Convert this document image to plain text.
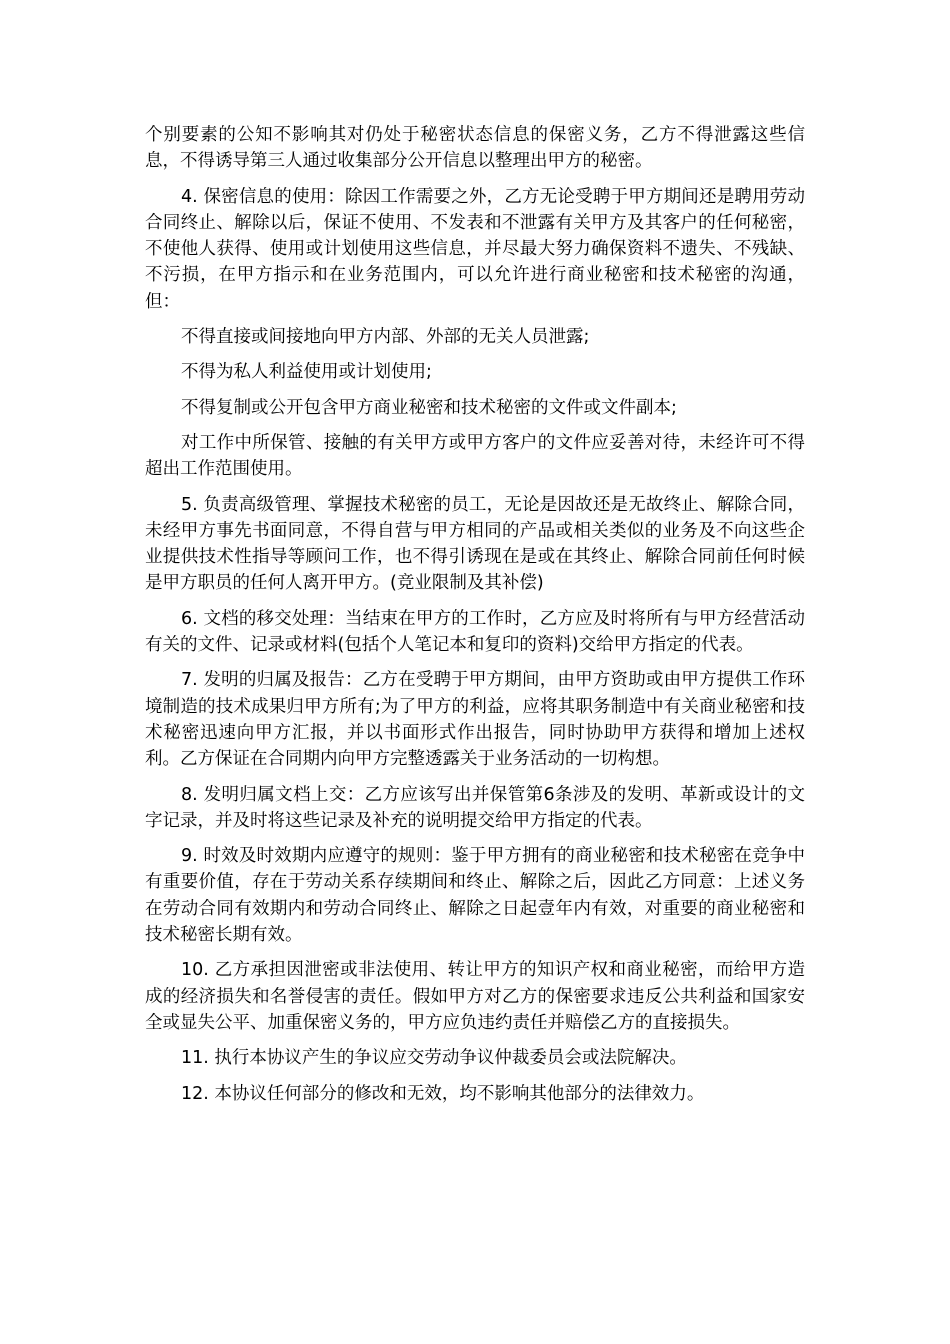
个别要素的公知不影响其对仍处于秘密状态信息的保密义务，乙方不得泄露这些信息，不得诱导第三人通过收集部分公开信息以整理出甲方的秘密。

4. 保密信息的使用：除因工作需要之外，乙方无论受聘于甲方期间还是聘用劳动合同终止、解除以后，保证不使用、不发表和不泄露有关甲方及其客户的任何秘密，不使他人获得、使用或计划使用这些信息，并尽最大努力确保资料不遗失、不残缺、不污损，在甲方指示和在业务范围内，可以允许进行商业秘密和技术秘密的沟通，但：

不得直接或间接地向甲方内部、外部的无关人员泄露;

不得为私人利益使用或计划使用;

不得复制或公开包含甲方商业秘密和技术秘密的文件或文件副本;

对工作中所保管、接触的有关甲方或甲方客户的文件应妥善对待，未经许可不得超出工作范围使用。

5. 负责高级管理、掌握技术秘密的员工，无论是因故还是无故终止、解除合同，未经甲方事先书面同意，不得自营与甲方相同的产品或相关类似的业务及不向这些企业提供技术性指导等顾问工作，也不得引诱现在是或在其终止、解除合同前任何时候是甲方职员的任何人离开甲方。(竞业限制及其补偿)

6. 文档的移交处理：当结束在甲方的工作时，乙方应及时将所有与甲方经营活动有关的文件、记录或材料(包括个人笔记本和复印的资料)交给甲方指定的代表。

7. 发明的归属及报告：乙方在受聘于甲方期间，由甲方资助或由甲方提供工作环境制造的技术成果归甲方所有;为了甲方的利益，应将其职务制造中有关商业秘密和技术秘密迅速向甲方汇报，并以书面形式作出报告，同时协助甲方获得和增加上述权利。乙方保证在合同期内向甲方完整透露关于业务活动的一切构想。

8. 发明归属文档上交：乙方应该写出并保管第6条涉及的发明、革新或设计的文字记录，并及时将这些记录及补充的说明提交给甲方指定的代表。

9. 时效及时效期内应遵守的规则：鉴于甲方拥有的商业秘密和技术秘密在竞争中有重要价值，存在于劳动关系存续期间和终止、解除之后，因此乙方同意：上述义务在劳动合同有效期内和劳动合同终止、解除之日起壹年内有效，对重要的商业秘密和技术秘密长期有效。

10. 乙方承担因泄密或非法使用、转让甲方的知识产权和商业秘密，而给甲方造成的经济损失和名誉侵害的责任。假如甲方对乙方的保密要求违反公共利益和国家安全或显失公平、加重保密义务的，甲方应负违约责任并赔偿乙方的直接损失。

11. 执行本协议产生的争议应交劳动争议仲裁委员会或法院解决。

12. 本协议任何部分的修改和无效，均不影响其他部分的法律效力。
